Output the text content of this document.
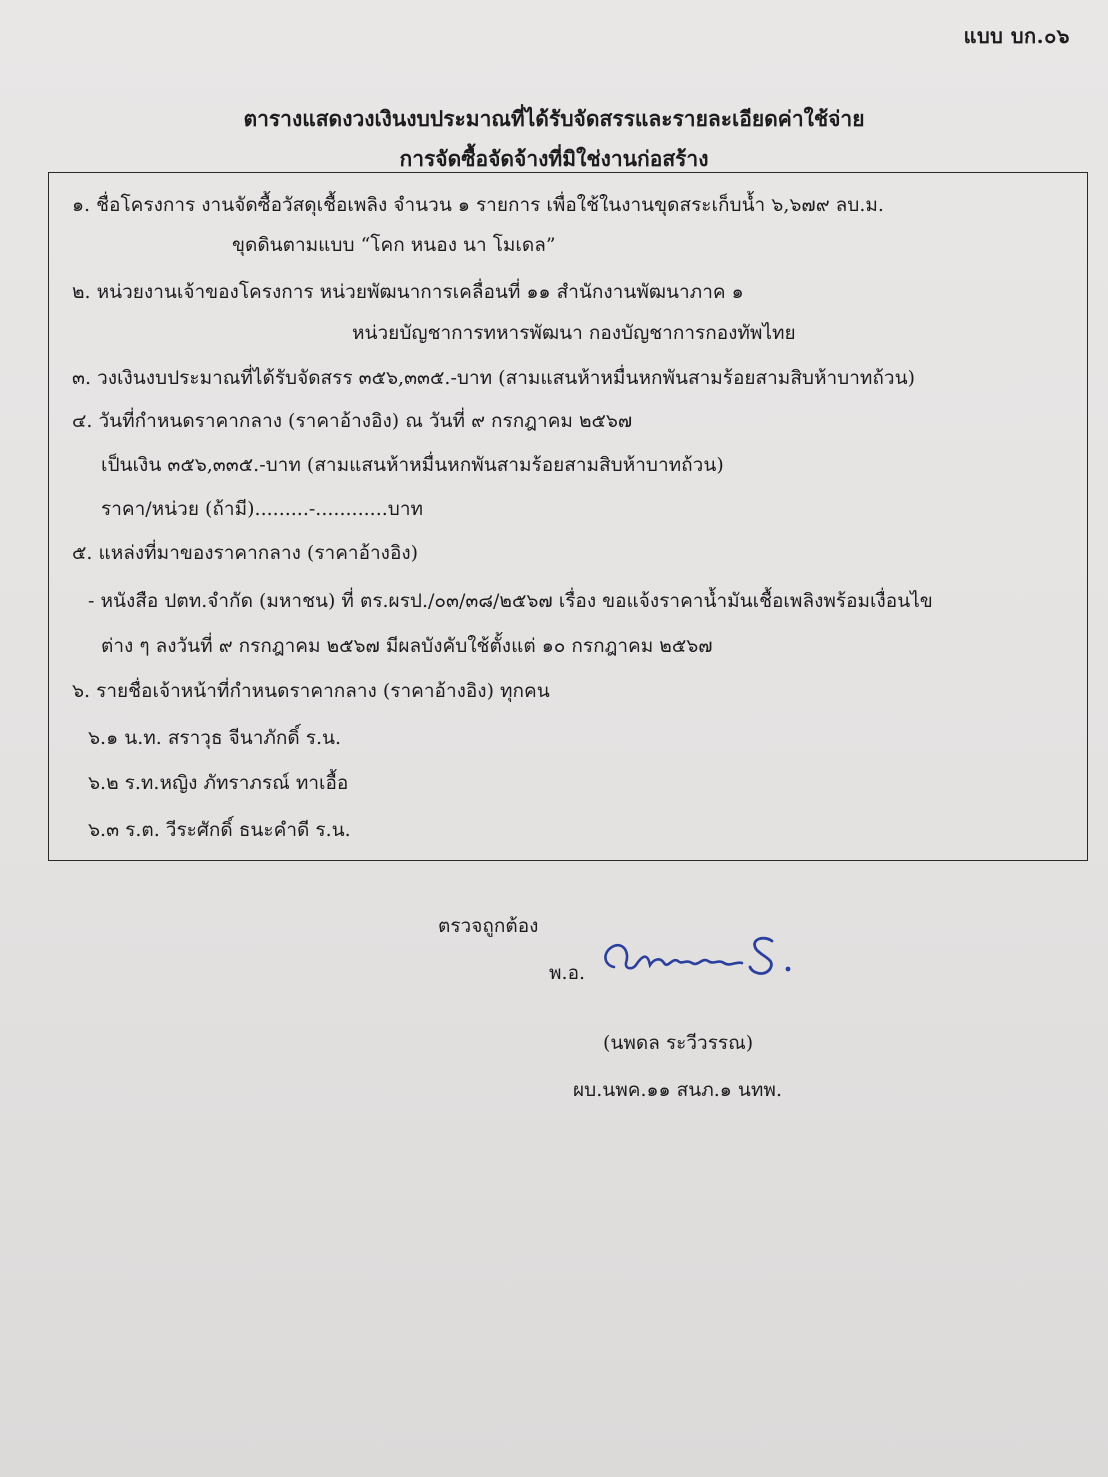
แบบ บก.๐๖
ตารางแสดงวงเงินงบประมาณที่ได้รับจัดสรรและรายละเอียดค่าใช้จ่าย
การจัดซื้อจัดจ้างที่มิใช่งานก่อสร้าง
๑. ชื่อโครงการ งานจัดซื้อวัสดุเชื้อเพลิง จำนวน ๑ รายการ เพื่อใช้ในงานขุดสระเก็บน้ำ ๖,๖๗๙ ลบ.ม.
ขุดดินตามแบบ “โคก หนอง นา โมเดล”
๒. หน่วยงานเจ้าของโครงการ หน่วยพัฒนาการเคลื่อนที่ ๑๑ สำนักงานพัฒนาภาค ๑
หน่วยบัญชาการทหารพัฒนา กองบัญชาการกองทัพไทย
๓. วงเงินงบประมาณที่ได้รับจัดสรร ๓๕๖,๓๓๕.-บาท (สามแสนห้าหมื่นหกพันสามร้อยสามสิบห้าบาทถ้วน)
๔. วันที่กำหนดราคากลาง (ราคาอ้างอิง) ณ วันที่ ๙ กรกฎาคม ๒๕๖๗
เป็นเงิน ๓๕๖,๓๓๕.-บาท (สามแสนห้าหมื่นหกพันสามร้อยสามสิบห้าบาทถ้วน)
ราคา/หน่วย (ถ้ามี).........-............บาท
๕. แหล่งที่มาของราคากลาง (ราคาอ้างอิง)
- หนังสือ ปตท.จำกัด (มหาชน) ที่ ตร.ผรป./๐๓/๓๘/๒๕๖๗ เรื่อง ขอแจ้งราคาน้ำมันเชื้อเพลิงพร้อมเงื่อนไข
ต่าง ๆ ลงวันที่ ๙ กรกฎาคม ๒๕๖๗ มีผลบังคับใช้ตั้งแต่ ๑๐ กรกฎาคม ๒๕๖๗
๖. รายชื่อเจ้าหน้าที่กำหนดราคากลาง (ราคาอ้างอิง) ทุกคน
๖.๑ น.ท. สราวุธ จีนาภักดิ์ ร.น.
๖.๒ ร.ท.หญิง ภัทราภรณ์ ทาเอื้อ
๖.๓ ร.ต. วีระศักดิ์ ธนะคำดี ร.น.
ตรวจถูกต้อง
พ.อ.
(นพดล ระวีวรรณ)
ผบ.นพค.๑๑ สนภ.๑ นทพ.
